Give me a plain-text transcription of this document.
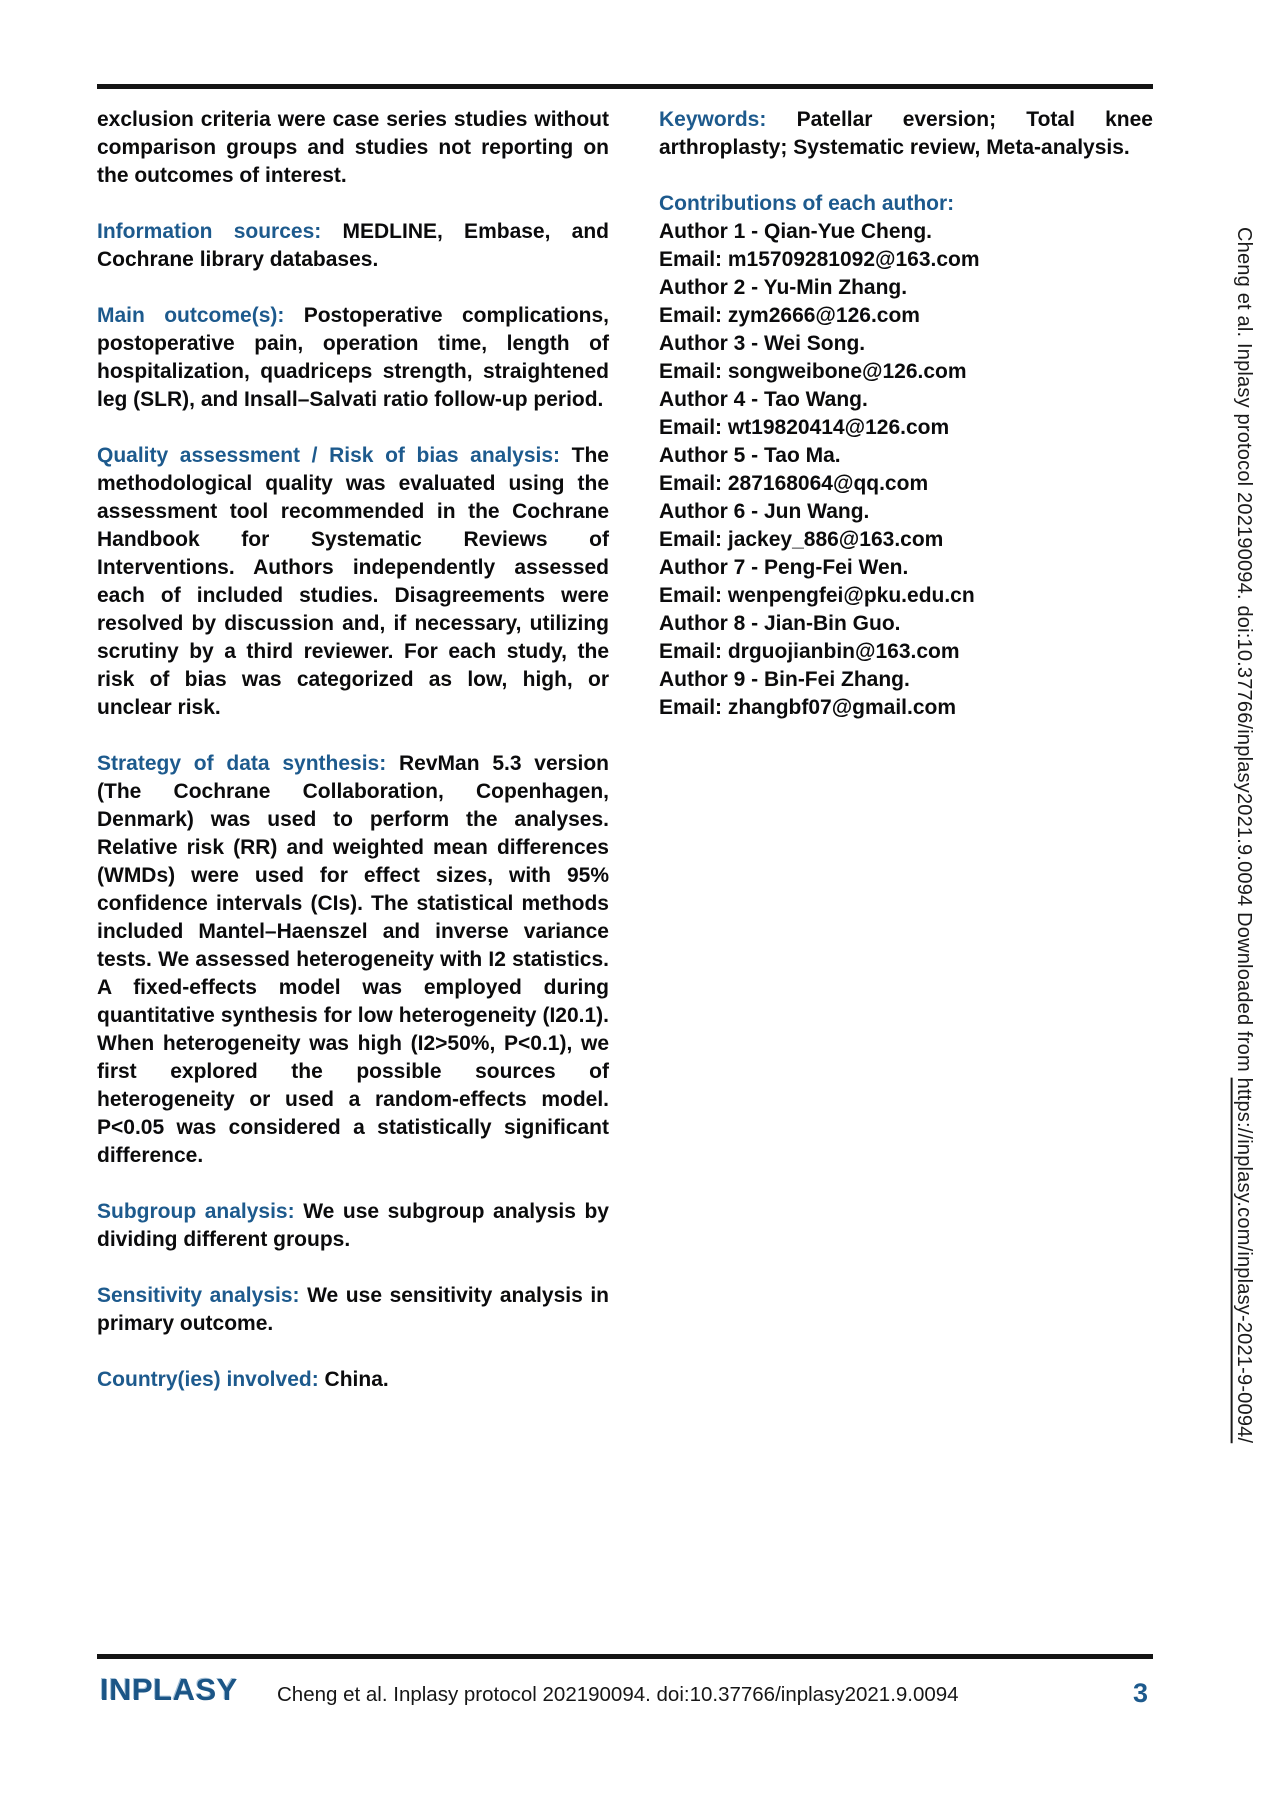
exclusion criteria were case series studies without comparison groups and studies not reporting on the outcomes of interest.

Information sources: MEDLINE, Embase, and Cochrane library databases.

Main outcome(s): Postoperative complications, postoperative pain, operation time, length of hospitalization, quadriceps strength, straightened leg (SLR), and Insall–Salvati ratio follow-up period.

Quality assessment / Risk of bias analysis: The methodological quality was evaluated using the assessment tool recommended in the Cochrane Handbook for Systematic Reviews of Interventions. Authors independently assessed each of included studies. Disagreements were resolved by discussion and, if necessary, utilizing scrutiny by a third reviewer. For each study, the risk of bias was categorized as low, high, or unclear risk.

Strategy of data synthesis: RevMan 5.3 version (The Cochrane Collaboration, Copenhagen, Denmark) was used to perform the analyses. Relative risk (RR) and weighted mean differences (WMDs) were used for effect sizes, with 95% confidence intervals (CIs). The statistical methods included Mantel–Haenszel and inverse variance tests. We assessed heterogeneity with I2 statistics. A fixed-effects model was employed during quantitative synthesis for low heterogeneity (I20.1). When heterogeneity was high (I2>50%, P<0.1), we first explored the possible sources of heterogeneity or used a random-effects model. P<0.05 was considered a statistically significant difference.

Subgroup analysis: We use subgroup analysis by dividing different groups.

Sensitivity analysis: We use sensitivity analysis in primary outcome.

Country(ies) involved: China.

Keywords: Patellar eversion; Total knee arthroplasty; Systematic review, Meta-analysis.

Contributions of each author:
Author 1 - Qian-Yue Cheng.
Email: m15709281092@163.com
Author 2 - Yu-Min Zhang.
Email: zym2666@126.com
Author 3 - Wei Song.
Email: songweibone@126.com
Author 4 - Tao Wang.
Email: wt19820414@126.com
Author 5 - Tao Ma.
Email: 287168064@qq.com
Author 6 - Jun Wang.
Email: jackey_886@163.com
Author 7 - Peng-Fei Wen.
Email: wenpengfei@pku.edu.cn
Author 8 - Jian-Bin Guo.
Email: drguojianbin@163.com
Author 9 - Bin-Fei Zhang.
Email: zhangbf07@gmail.com	Cheng et al. Inplasy protocol 202190094. doi:10.37766/inplasy2021.9.0094 Downloaded from https://inplasy.com/inplasy-2021-9-0094/
INPLASY Cheng et al. Inplasy protocol 202190094. doi:10.37766/inplasy2021.9.0094	3
